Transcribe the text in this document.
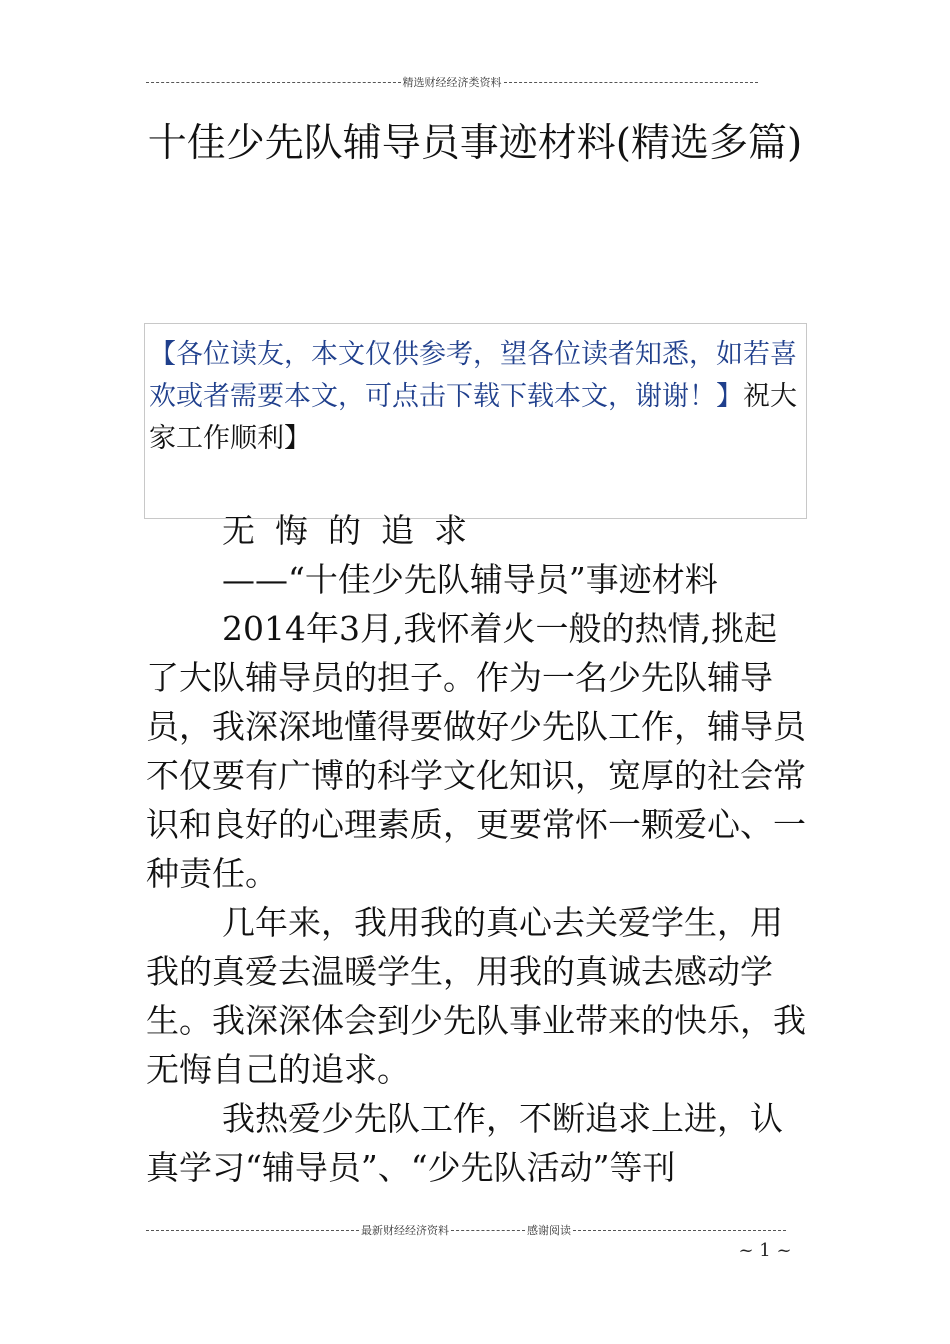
精选财经经济类资料
十佳少先队辅导员事迹材料(精选多篇)
【各位读友，本文仅供参考，望各位读者知悉，如若喜欢或者需要本文，可点击下载下载本文，谢谢！】祝大家工作顺利】

无悔的追求

——“十佳少先队辅导员”事迹材料

2014年3月,我怀着火一般的热情,挑起了大队辅导员的担子。作为一名少先队辅导员，我深深地懂得要做好少先队工作，辅导员不仅要有广博的科学文化知识，宽厚的社会常识和良好的心理素质，更要常怀一颗爱心、一种责任。

几年来，我用我的真心去关爱学生，用我的真爱去温暖学生，用我的真诚去感动学生。我深深体会到少先队事业带来的快乐，我无悔自己的追求。

我热爱少先队工作，不断追求上进，认真学习“辅导员”、“少先队活动”等刊

最新财经经济资料	感谢阅读
~ 1 ~
